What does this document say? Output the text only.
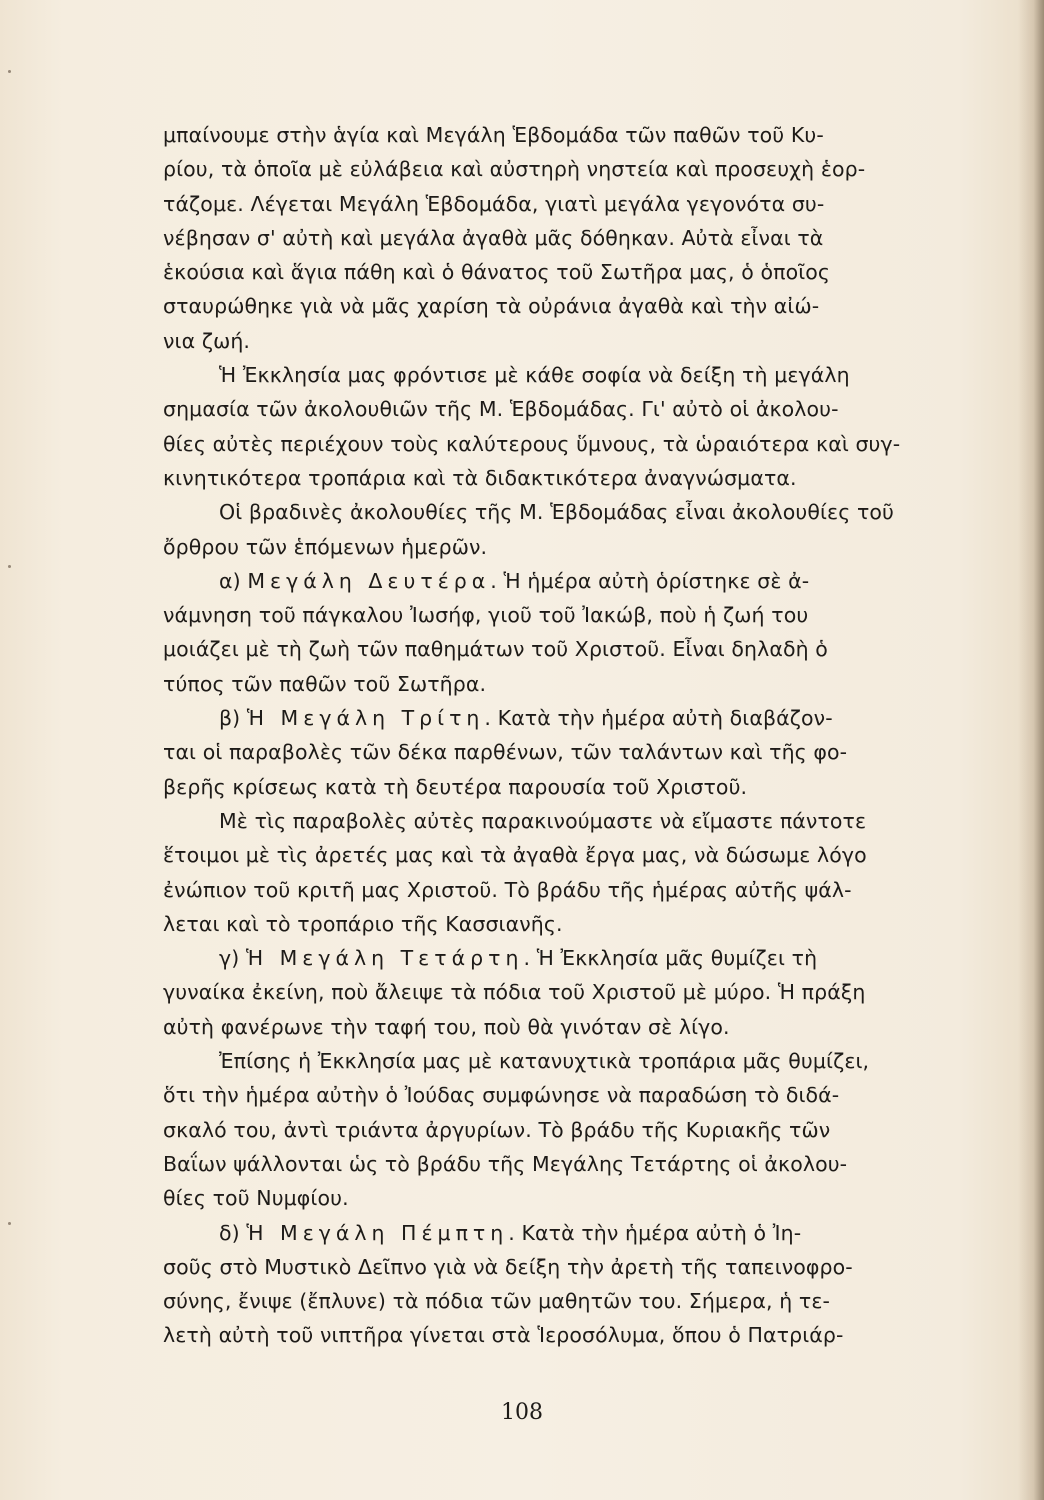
μπαίνουμε στὴν ἁγία καὶ Μεγάλη Ἑβδομάδα τῶν παθῶν τοῦ Κυ-
ρίου, τὰ ὁποῖα μὲ εὐλάβεια καὶ αὐστηρὴ νηστεία καὶ προσευχὴ ἑορ-
τάζομε. Λέγεται Μεγάλη Ἑβδομάδα, γιατὶ μεγάλα γεγονότα συ-
νέβησαν σ' αὐτὴ καὶ μεγάλα ἀγαθὰ μᾶς δόθηκαν. Αὐτὰ εἶναι τὰ
ἑκούσια καὶ ἅγια πάθη καὶ ὁ θάνατος τοῦ Σωτῆρα μας, ὁ ὁποῖος
σταυρώθηκε γιὰ νὰ μᾶς χαρίση τὰ οὐράνια ἀγαθὰ καὶ τὴν αἰώ-
νια ζωή.
Ἡ Ἐκκλησία μας φρόντισε μὲ κάθε σοφία νὰ δείξη τὴ μεγάλη
σημασία τῶν ἀκολουθιῶν τῆς Μ. Ἑβδομάδας. Γι' αὐτὸ οἱ ἀκολου-
θίες αὐτὲς περιέχουν τοὺς καλύτερους ὕμνους, τὰ ὡραιότερα καὶ συγ-
κινητικότερα τροπάρια καὶ τὰ διδακτικότερα ἀναγνώσματα.
Οἱ βραδινὲς ἀκολουθίες τῆς Μ. Ἑβδομάδας εἶναι ἀκολουθίες τοῦ
ὄρθρου τῶν ἑπόμενων ἡμερῶν.
α) Μεγάλη Δευτέρα. Ἡ ἡμέρα αὐτὴ ὁρίστηκε σὲ ἀ-
νάμνηση τοῦ πάγκαλου Ἰωσήφ, γιοῦ τοῦ Ἰακώβ, ποὺ ἡ ζωή του
μοιάζει μὲ τὴ ζωὴ τῶν παθημάτων τοῦ Χριστοῦ. Εἶναι δηλαδὴ ὁ
τύπος τῶν παθῶν τοῦ Σωτῆρα.
β) Ἡ Μεγάλη Τρίτη. Κατὰ τὴν ἡμέρα αὐτὴ διαβάζον-
ται οἱ παραβολὲς τῶν δέκα παρθένων, τῶν ταλάντων καὶ τῆς φο-
βερῆς κρίσεως κατὰ τὴ δευτέρα παρουσία τοῦ Χριστοῦ.
Μὲ τὶς παραβολὲς αὐτὲς παρακινούμαστε νὰ εἴμαστε πάντοτε
ἕτοιμοι μὲ τὶς ἀρετές μας καὶ τὰ ἀγαθὰ ἔργα μας, νὰ δώσωμε λόγο
ἐνώπιον τοῦ κριτῆ μας Χριστοῦ. Τὸ βράδυ τῆς ἡμέρας αὐτῆς ψάλ-
λεται καὶ τὸ τροπάριο τῆς Κασσιανῆς.
γ) Ἡ Μεγάλη Τετάρτη. Ἡ Ἐκκλησία μᾶς θυμίζει τὴ
γυναίκα ἐκείνη, ποὺ ἄλειψε τὰ πόδια τοῦ Χριστοῦ μὲ μύρο. Ἡ πράξη
αὐτὴ φανέρωνε τὴν ταφή του, ποὺ θὰ γινόταν σὲ λίγο.
Ἐπίσης ἡ Ἐκκλησία μας μὲ κατανυχτικὰ τροπάρια μᾶς θυμίζει,
ὅτι τὴν ἡμέρα αὐτὴν ὁ Ἰούδας συμφώνησε νὰ παραδώση τὸ διδά-
σκαλό του, ἀντὶ τριάντα ἀργυρίων. Τὸ βράδυ τῆς Κυριακῆς τῶν
Βαΐων ψάλλονται ὡς τὸ βράδυ τῆς Μεγάλης Τετάρτης οἱ ἀκολου-
θίες τοῦ Νυμφίου.
δ) Ἡ Μεγάλη Πέμπτη. Κατὰ τὴν ἡμέρα αὐτὴ ὁ Ἰη-
σοῦς στὸ Μυστικὸ Δεῖπνο γιὰ νὰ δείξη τὴν ἀρετὴ τῆς ταπεινοφρο-
σύνης, ἔνιψε (ἔπλυνε) τὰ πόδια τῶν μαθητῶν του. Σήμερα, ἡ τε-
λετὴ αὐτὴ τοῦ νιπτῆρα γίνεται στὰ Ἱεροσόλυμα, ὅπου ὁ Πατριάρ-
108
